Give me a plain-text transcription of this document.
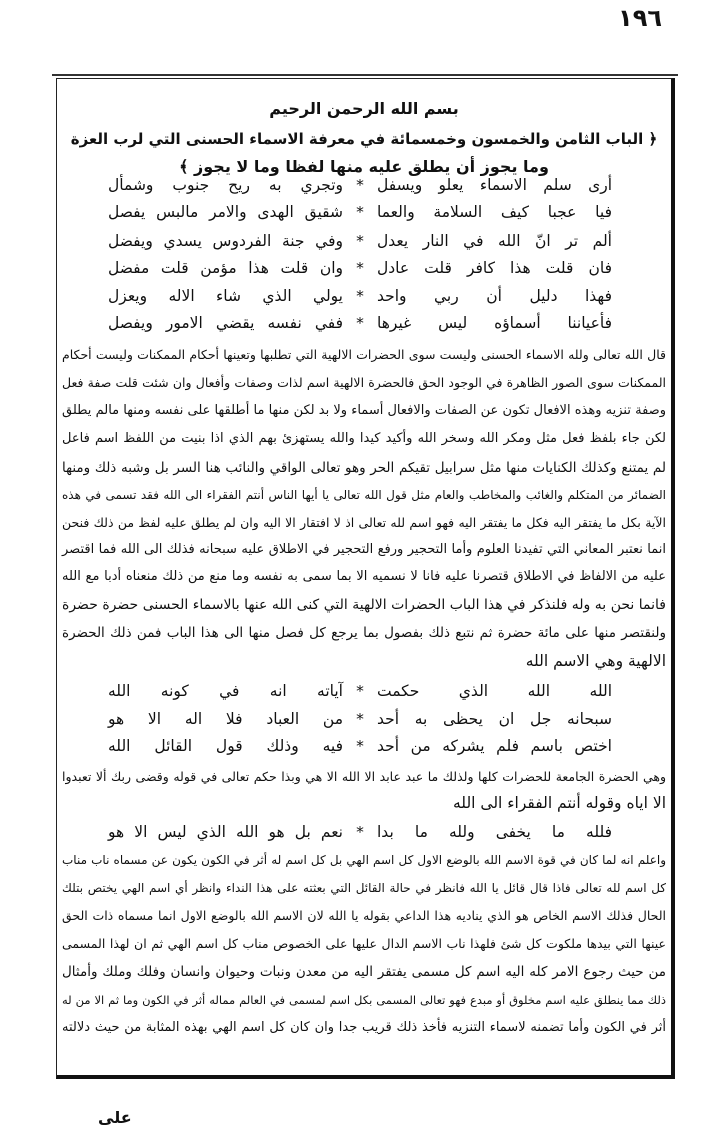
١٩٦
بسم الله الرحمن الرحيم
﴿ الباب الثامن والخمسون وخمسمائة في معرفة الاسماء الحسنى التي لرب العزة
وما يجوز أن يطلق عليه منها لفظا وما لا يجوز ﴾
أرى سلم الاسماء يعلو ويسفل
*
وتجري به ريح جنوب وشمأل
فيا عجبا كيف السلامة والعما
*
شقيق الهدى والامر مالبس يفصل
ألم تر انّ الله في النار يعدل
*
وفي جنة الفردوس يسدي ويفضل
فان قلت هذا كافر قلت عادل
*
وان قلت هذا مؤمن قلت مفضل
فهذا دليل أن ربي واحد
*
يولي الذي شاء الاله ويعزل
فأعياننا أسماؤه ليس غيرها
*
ففي نفسه يقضي الامور ويفصل
قال الله تعالى ولله الاسماء الحسنى وليست سوى الحضرات الالهية التي تطلبها وتعينها أحكام الممكنات وليست أحكام
الممكنات سوى الصور الظاهرة في الوجود الحق فالحضرة الالهية اسم لذات وصفات وأفعال وان شئت قلت صفة فعل
وصفة تنزيه وهذه الافعال تكون عن الصفات والافعال أسماء ولا بد لكن منها ما أطلقها على نفسه ومنها مالم يطلق
لكن جاء بلفظ فعل مثل ومكر الله وسخر الله وأكيد كيدا والله يستهزئ بهم الذي اذا بنيت من اللفظ اسم فاعل
لم يمتنع وكذلك الكنايات منها مثل سرابيل تقيكم الحر وهو تعالى الواقي والنائب هنا السر بل وشبه ذلك ومنها
الضمائر من المتكلم والغائب والمخاطب والعام مثل قول الله تعالى يا أيها الناس أنتم الفقراء الى الله فقد تسمى في هذه
الآية بكل ما يفتقر اليه فكل ما يفتقر اليه فهو اسم لله تعالى اذ لا افتقار الا اليه وان لم يطلق عليه لفظ من ذلك فنحن
انما نعتبر المعاني التي تفيدنا العلوم وأما التحجير ورفع التحجير في الاطلاق عليه سبحانه فذلك الى الله فما اقتصر
عليه من الالفاظ في الاطلاق قتصرنا عليه فانا لا نسميه الا بما سمى به نفسه وما منع من ذلك منعناه أدبا مع الله
فانما نحن به وله فلنذكر في هذا الباب الحضرات الالهية التي كنى الله عنها بالاسماء الحسنى حضرة حضرة
ولنقتصر منها على مائة حضرة ثم نتبع ذلك بفصول بما يرجع كل فصل منها الى هذا الباب فمن ذلك الحضرة
الالهية وهي الاسم الله
الله الله الذي حكمت
*
آياته انه في كونه الله
سبحانه جل ان يحظى به أحد
*
من العباد فلا اله الا هو
اختص باسم فلم يشركه من أحد
*
فيه وذلك قول القائل الله
وهي الحضرة الجامعة للحضرات كلها ولذلك ما عبد عابد الا الله الا هي وبذا حكم تعالى في قوله وقضى ربك ألا تعبدوا
الا اياه وقوله أنتم الفقراء الى الله
فلله ما يخفى ولله ما بدا
*
نعم بل هو الله الذي ليس الا هو
واعلم انه لما كان في قوة الاسم الله بالوضع الاول كل اسم الهي بل كل اسم له أثر في الكون يكون عن مسماه ناب مناب
كل اسم لله تعالى فاذا قال قائل يا الله فانظر في حالة القائل التي بعثته على هذا النداء وانظر أي اسم الهي يختص بتلك
الحال فذلك الاسم الخاص هو الذي يناديه هذا الداعي بقوله يا الله لان الاسم الله بالوضع الاول انما مسماه ذات الحق
عينها التي بيدها ملكوت كل شئ فلهذا ناب الاسم الدال عليها على الخصوص مناب كل اسم الهي ثم ان لهذا المسمى
من حيث رجوع الامر كله اليه اسم كل مسمى يفتقر اليه من معدن ونبات وحيوان وانسان وفلك وملك وأمثال
ذلك مما ينطلق عليه اسم مخلوق أو مبدع فهو تعالى المسمى بكل اسم لمسمى في العالم مماله أثر في الكون وما ثم الا من له
أثر في الكون وأما تضمنه لاسماء التنزيه فأخذ ذلك قريب جدا وان كان كل اسم الهي بهذه المثابة من حيث دلالته
على
